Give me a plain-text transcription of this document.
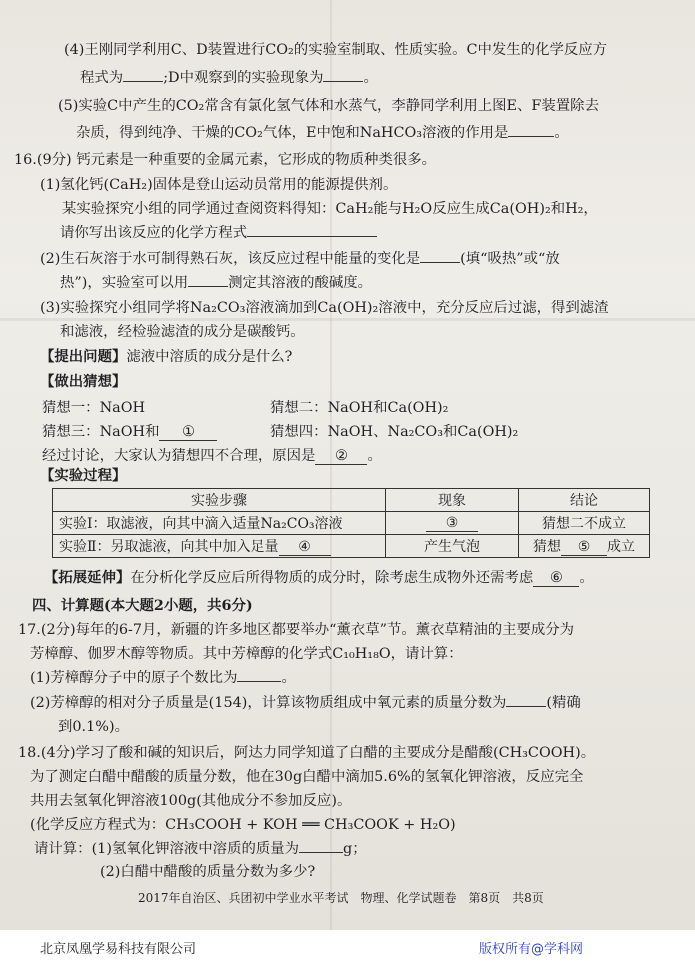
(4)王刚同学利用C、D装置进行CO₂的实验室制取、性质实验。C中发生的化学反应方
程式为	;D中观察到的实验现象为	。
(5)实验C中产生的CO₂常含有氯化氢气体和水蒸气，李静同学利用上图E、F装置除去
杂质，得到纯净、干燥的CO₂气体，E中饱和NaHCO₃溶液的作用是	。
16.(9分) 钙元素是一种重要的金属元素，它形成的物质种类很多。
(1)氢化钙(CaH₂)固体是登山运动员常用的能源提供剂。
某实验探究小组的同学通过查阅资料得知：CaH₂能与H₂O反应生成Ca(OH)₂和H₂，
请你写出该反应的化学方程式
(2)生石灰溶于水可制得熟石灰，该反应过程中能量的变化是	(填“吸热”或“放
热”)，实验室可以用	测定其溶液的酸碱度。
(3)实验探究小组同学将Na₂CO₃溶液滴加到Ca(OH)₂溶液中，充分反应后过滤，得到滤渣
和滤液，经检验滤渣的成分是碳酸钙。
【提出问题】滤液中溶质的成分是什么?
【做出猜想】
猜想一：NaOH	猜想二：NaOH和Ca(OH)₂
猜想三：NaOH和 ①	猜想四：NaOH、Na₂CO₃和Ca(OH)₂
经过讨论，大家认为猜想四不合理，原因是 ② 。
【实验过程】
实验步骤	现象	结论
实验Ⅰ：取滤液，向其中滴入适量Na₂CO₃溶液	③	猜想二不成立
实验Ⅱ：另取滤液，向其中加入足量 ④	产生气泡	猜想 ⑤ 成立
【拓展延伸】在分析化学反应后所得物质的成分时，除考虑生成物外还需考虑 ⑥ 。
四、计算题(本大题2小题，共6分)
17.(2分)每年的6-7月，新疆的许多地区都要举办“薰衣草”节。薰衣草精油的主要成分为
芳樟醇、伽罗木醇等物质。其中芳樟醇的化学式C₁₀H₁₈O，请计算：
(1)芳樟醇分子中的原子个数比为	。
(2)芳樟醇的相对分子质量是(154)，计算该物质组成中氧元素的质量分数为	(精确
到0.1%)。
18.(4分)学习了酸和碱的知识后，阿达力同学知道了白醋的主要成分是醋酸(CH₃COOH)。
为了测定白醋中醋酸的质量分数，他在30g白醋中滴加5.6%的氢氧化钾溶液，反应完全
共用去氢氧化钾溶液100g(其他成分不参加反应)。
(化学反应方程式为：CH₃COOH + KOH ══ CH₃COOK + H₂O)
请计算：(1)氢氧化钾溶液中溶质的质量为	g；
(2)白醋中醋酸的质量分数为多少?
2017年自治区、兵团初中学业水平考试　物理、化学试题卷　第8页　共8页
北京凤凰学易科技有限公司	版权所有@学科网
